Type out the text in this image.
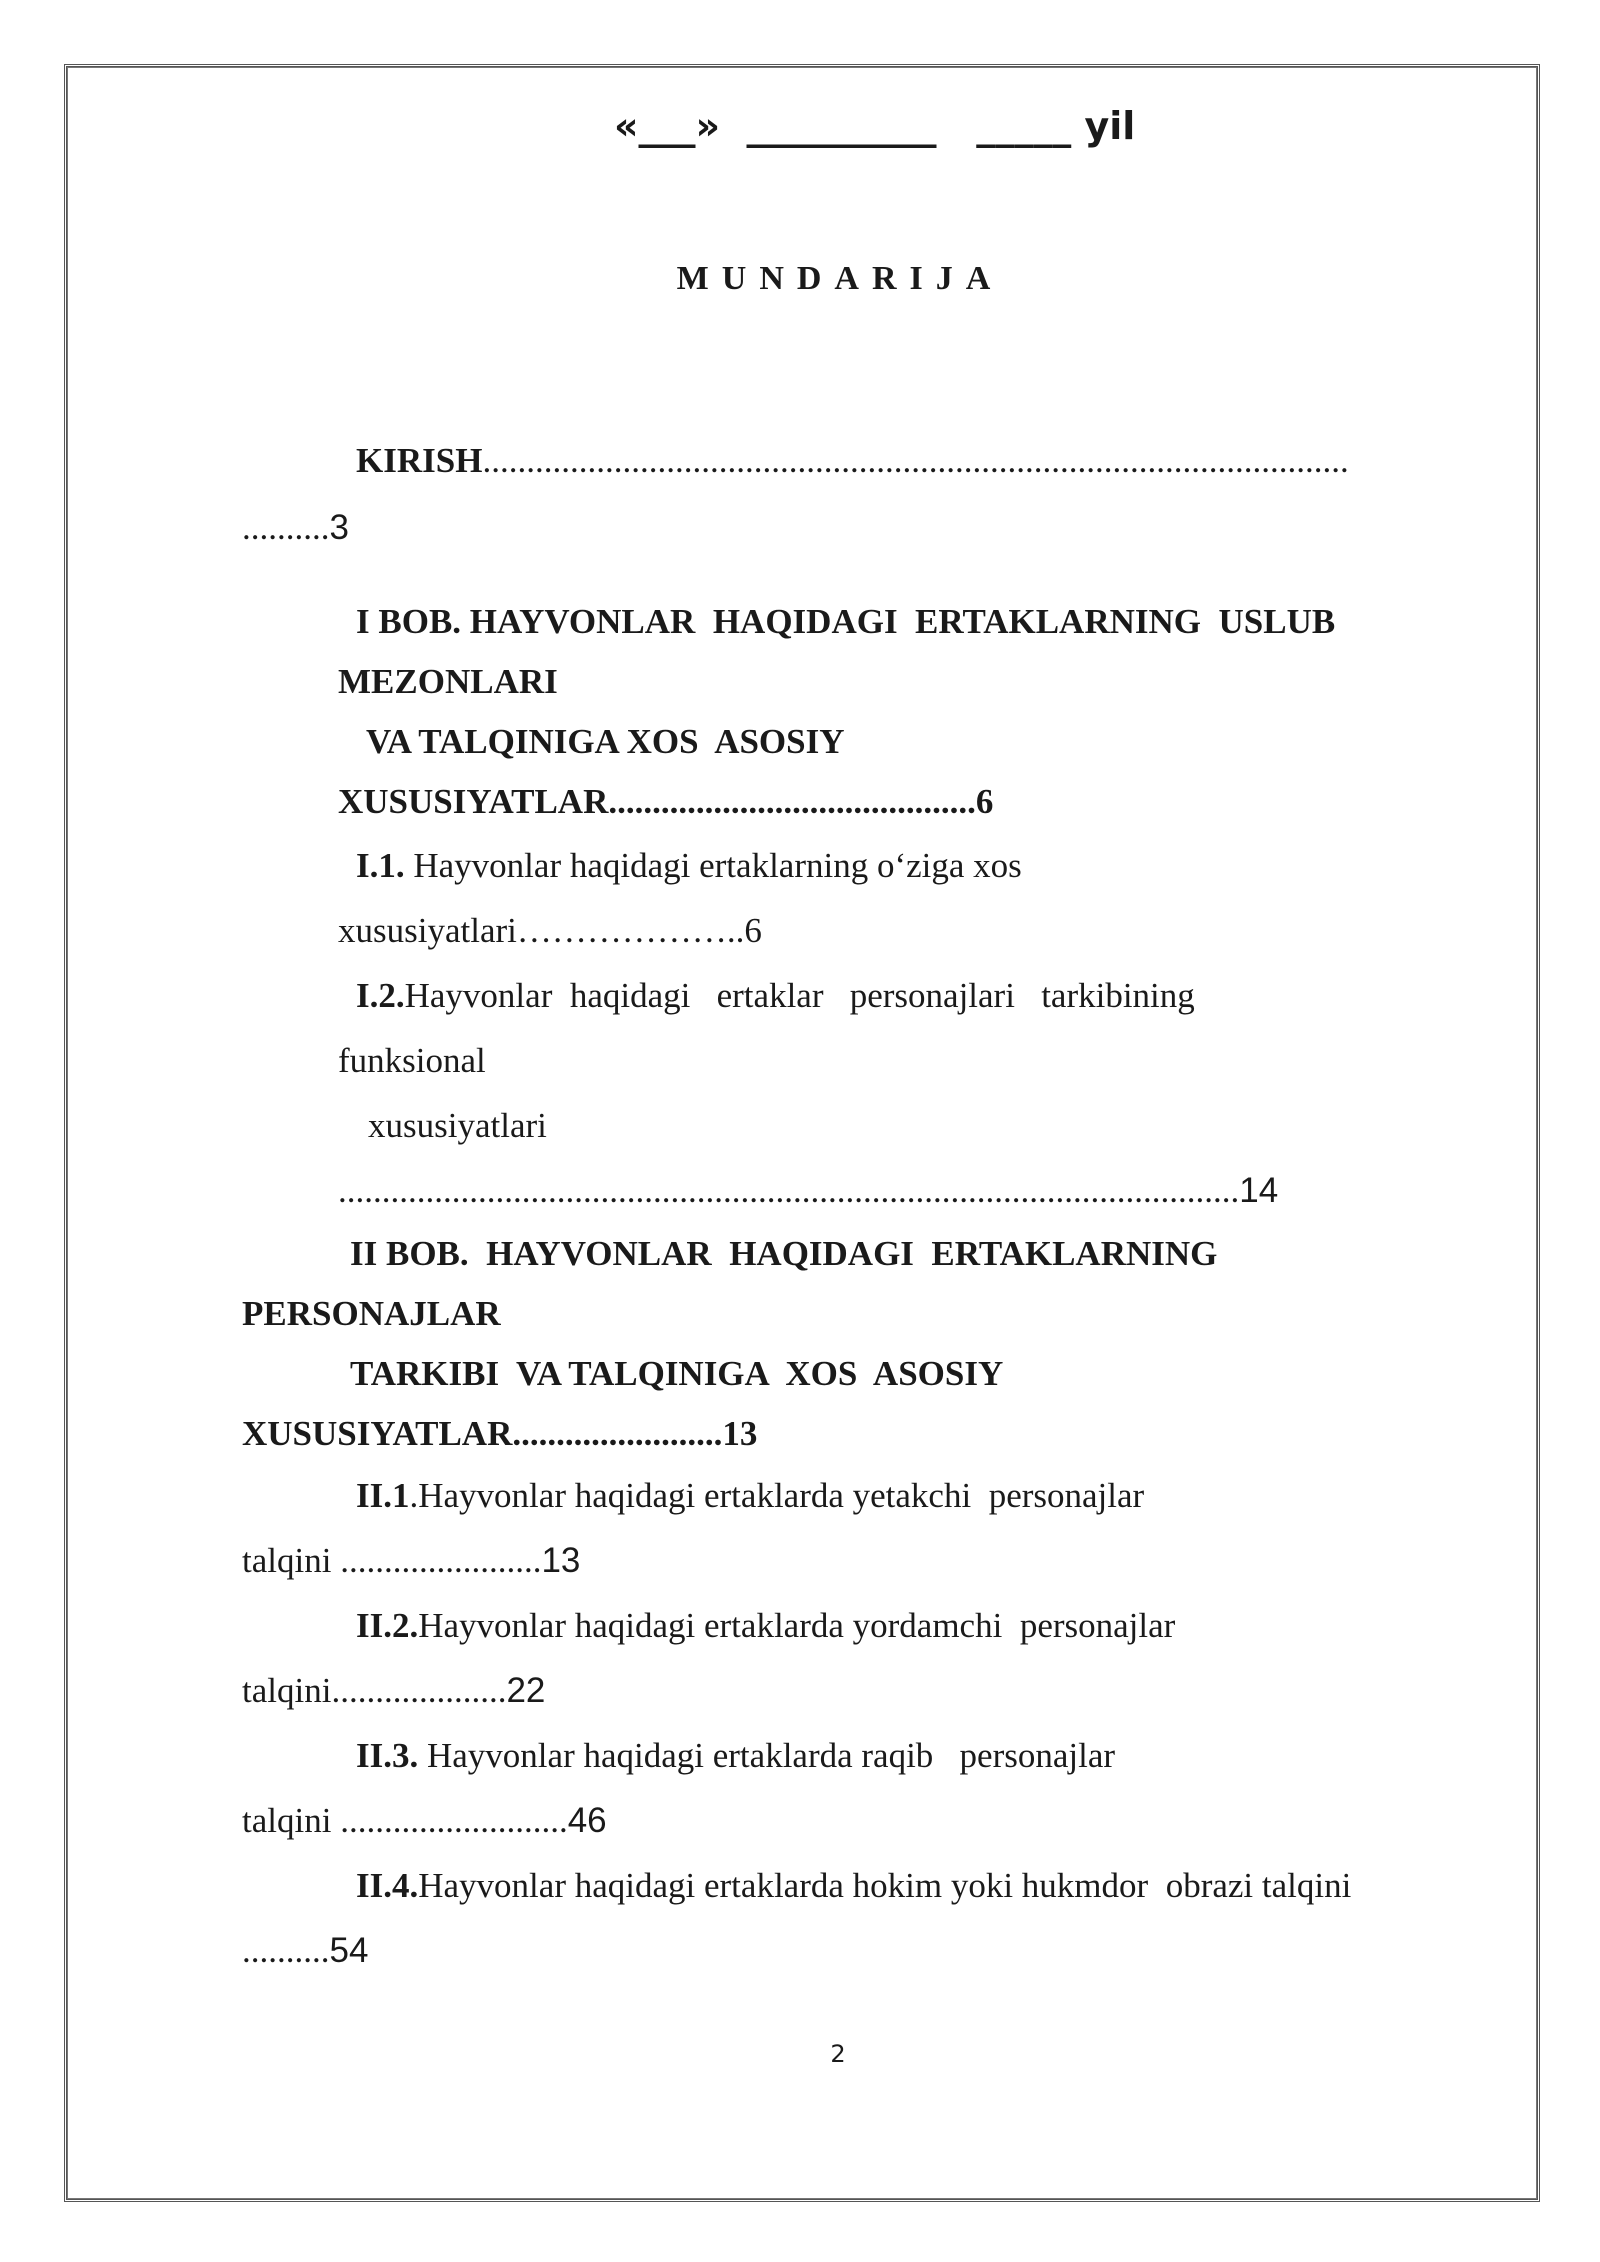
«___»  __________   _____ yil
MUNDARIJA
KIRISH...................................................................................................
..........3
I BOB. HAYVONLAR  HAQIDAGI  ERTAKLARNING  USLUB
MEZONLARI
VA TALQINIGA XOS  ASOSIY
XUSUSIYATLAR..........................................6
I.1. Hayvonlar haqidagi ertaklarning o‘ziga xos
xususiyatlari………………..6
I.2.Hayvonlar  haqidagi   ertaklar   personajlari   tarkibining
funksional
xususiyatlari
.......................................................................................................14
II BOB.  HAYVONLAR  HAQIDAGI  ERTAKLARNING
PERSONAJLAR
TARKIBI  VA TALQINIGA  XOS  ASOSIY
XUSUSIYATLAR........................13
II.1.Hayvonlar haqidagi ertaklarda yetakchi  personajlar
talqini .......................13
II.2.Hayvonlar haqidagi ertaklarda yordamchi  personajlar
talqini....................22
II.3. Hayvonlar haqidagi ertaklarda raqib   personajlar
talqini ..........................46
II.4.Hayvonlar haqidagi ertaklarda hokim yoki hukmdor  obrazi talqini
..........54
2
